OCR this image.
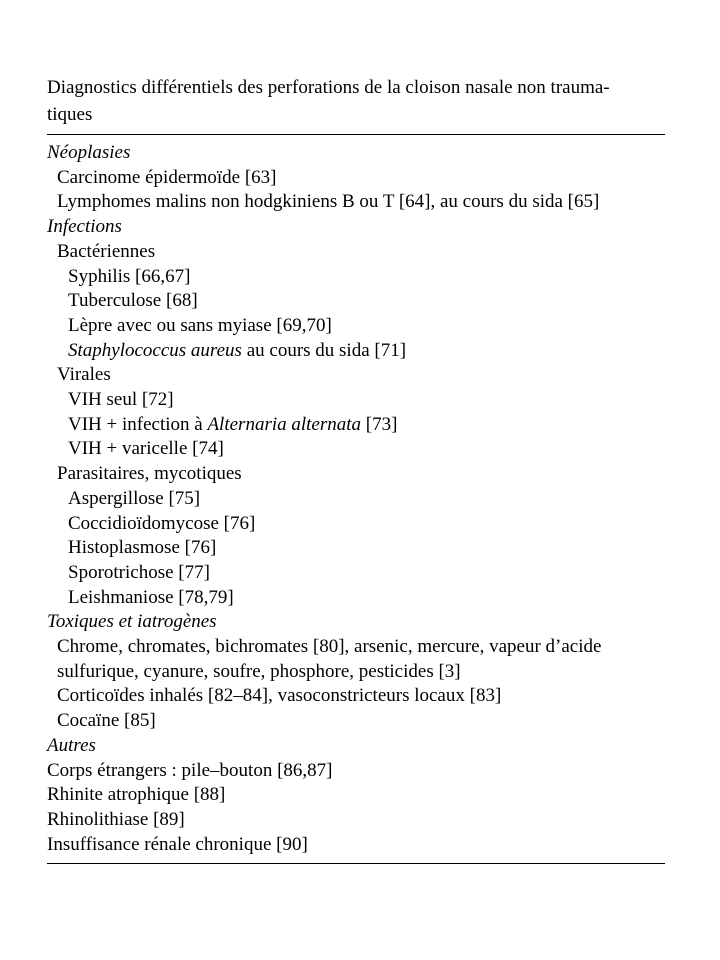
Diagnostics différentiels des perforations de la cloison nasale non trauma-
tiques

Néoplasies
Carcinome épidermoïde [63]
Lymphomes malins non hodgkiniens B ou T [64], au cours du sida [65]
Infections
Bactériennes
Syphilis [66,67]
Tuberculose [68]
Lèpre avec ou sans myiase [69,70]
Staphylococcus aureus au cours du sida [71]
Virales
VIH seul [72]
VIH + infection à Alternaria alternata [73]
VIH + varicelle [74]
Parasitaires, mycotiques
Aspergillose [75]
Coccidioïdomycose [76]
Histoplasmose [76]
Sporotrichose [77]
Leishmaniose [78,79]
Toxiques et iatrogènes
Chrome, chromates, bichromates [80], arsenic, mercure, vapeur d’acide
sulfurique, cyanure, soufre, phosphore, pesticides [3]
Corticoïdes inhalés [82–84], vasoconstricteurs locaux [83]
Cocaïne [85]
Autres
Corps étrangers : pile–bouton [86,87]
Rhinite atrophique [88]
Rhinolithiase [89]
Insuffisance rénale chronique [90]
